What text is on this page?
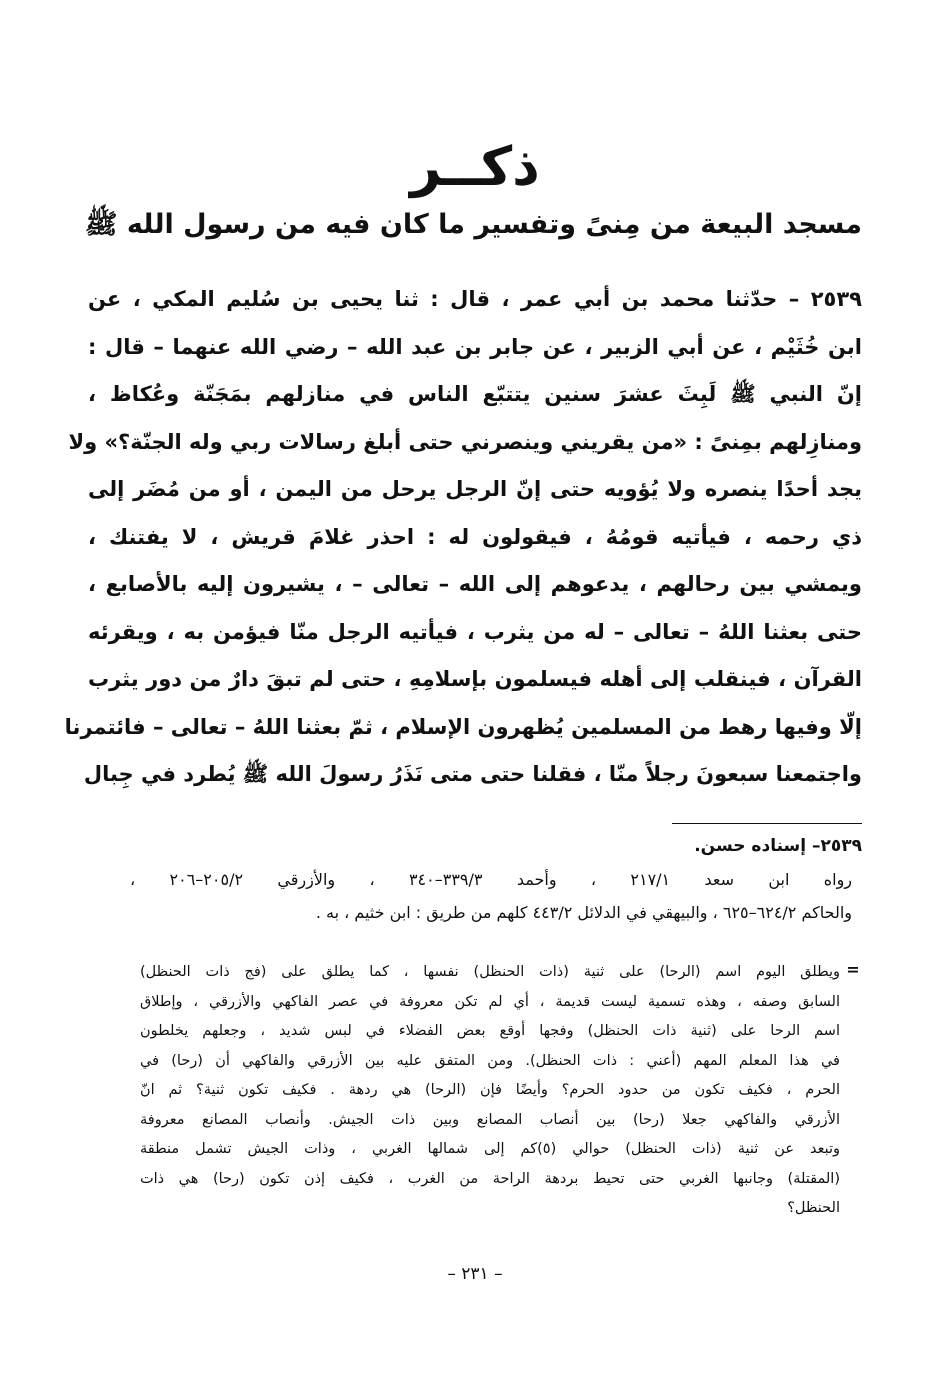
ذكــر
مسجد البيعة من مِنىً وتفسير ما كان فيه من رسول الله ﷺ
٢٥٣٩ – حدّثنا محمد بن أبي عمر ، قال : ثنا يحيى بن سُليم المكي ، عن
ابن خُثَيْم ، عن أبي الزبير ، عن جابر بن عبد الله – رضي الله عنهما – قال :
إنّ النبي ﷺ لَبِثَ عشرَ سنين يتتبّع الناس في منازلهم بمَجَنّة وعُكاظ ،
ومنازِلهم بمِنىً : «من يقريني وينصرني حتى أبلغ رسالات ربي وله الجنّة؟» ولا
يجد أحدًا ينصره ولا يُؤويه حتى إنّ الرجل يرحل من اليمن ، أو من مُضَر إلى
ذي رحمه ، فيأتيه قومُهُ ، فيقولون له : احذر غلامَ قريش ، لا يفتنك ،
ويمشي بين رحالهم ، يدعوهم إلى الله – تعالى – ، يشيرون إليه بالأصابع ،
حتى بعثنا اللهُ – تعالى – له من يثرب ، فيأتيه الرجل منّا فيؤمن به ، ويقرئه
القرآن ، فينقلب إلى أهله فيسلمون بإسلامِهِ ، حتى لم تبقَ دارٌ من دور يثرب
إلّا وفيها رهط من المسلمين يُظهرون الإسلام ، ثمّ بعثنا اللهُ – تعالى – فائتمرنا
واجتمعنا سبعونَ رجلاً منّا ، فقلنا حتى متى نَذَرُ رسولَ الله ﷺ يُطرد في جِبال
٢٥٣٩– إسناده حسن.
رواه ابن سعد ٢١٧/١ ، وأحمد ٣٣٩/٣–٣٤٠ ، والأزرقي ٢٠٥/٢–٢٠٦ ،
والحاكم ٦٢٤/٢–٦٢٥ ، والبيهقي في الدلائل ٤٤٣/٢ كلهم من طريق : ابن خثيم ، به .
=
ويطلق اليوم اسم (الرحا) على ثنية (ذات الحنظل) نفسها ، كما يطلق على (فج ذات الحنظل)
السابق وصفه ، وهذه تسمية ليست قديمة ، أي لم تكن معروفة في عصر الفاكهي والأزرقي ، وإطلاق
اسم الرحا على (ثنية ذات الحنظل) وفجها أوقع بعض الفضلاء في لبس شديد ، وجعلهم يخلطون
في هذا المعلم المهم (أعني : ذات الحنظل). ومن المتفق عليه بين الأزرقي والفاكهي أن (رحا) في
الحرم ، فكيف تكون من حدود الحرم؟ وأيضًا فإن (الرحا) هي ردهة . فكيف تكون ثنية؟ ثم انّ
الأزرقي والفاكهي جعلا (رحا) بين أنصاب المصانع وبين ذات الجيش. وأنصاب المصانع معروفة
وتبعد عن ثنية (ذات الحنظل) حوالي (٥)كم إلى شمالها الغربي ، وذات الجيش تشمل منطقة
(المقتلة) وجانبها الغربي حتى تحيط بردهة الراحة من الغرب ، فكيف إذن تكون (رحا) هي ذات
الحنظل؟
– ٢٣١ –
